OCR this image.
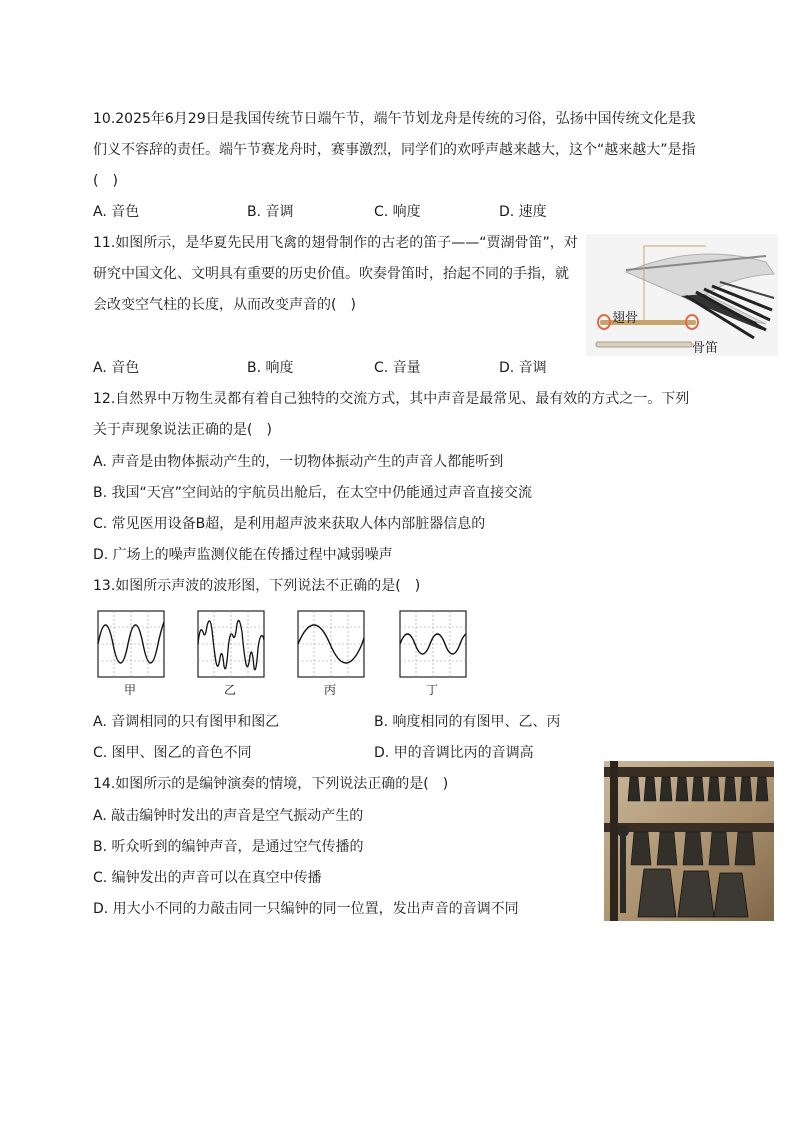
10.2025年6月29日是我国传统节日端午节，端午节划龙舟是传统的习俗，弘扬中国传统文化是我
们义不容辞的责任。端午节赛龙舟时，赛事激烈，同学们的欢呼声越来越大，这个“越来越大”是指
(　)
A. 音色	B. 音调	C. 响度	D. 速度
11.如图所示，是华夏先民用飞禽的翅骨制作的古老的笛子——“贾湖骨笛”，对
研究中国文化、文明具有重要的历史价值。吹奏骨笛时，抬起不同的手指，就
会改变空气柱的长度，从而改变声音的(　)
翅骨
骨笛
A. 音色	B. 响度	C. 音量	D. 音调
12.自然界中万物生灵都有着自己独特的交流方式，其中声音是最常见、最有效的方式之一。下列
关于声现象说法正确的是(　)
A. 声音是由物体振动产生的，一切物体振动产生的声音人都能听到
B. 我国“天宫”空间站的宇航员出舱后，在太空中仍能通过声音直接交流
C. 常见医用设备B超，是利用超声波来获取人体内部脏器信息的
D. 广场上的噪声监测仪能在传播过程中减弱噪声
13.如图所示声波的波形图，下列说法不正确的是(　)
甲	乙	丙	丁
A. 音调相同的只有图甲和图乙	B. 响度相同的有图甲、乙、丙
C. 图甲、图乙的音色不同	D. 甲的音调比丙的音调高
14.如图所示的是编钟演奏的情境，下列说法正确的是(　)
A. 敲击编钟时发出的声音是空气振动产生的
B. 听众听到的编钟声音，是通过空气传播的
C. 编钟发出的声音可以在真空中传播
D. 用大小不同的力敲击同一只编钟的同一位置，发出声音的音调不同
